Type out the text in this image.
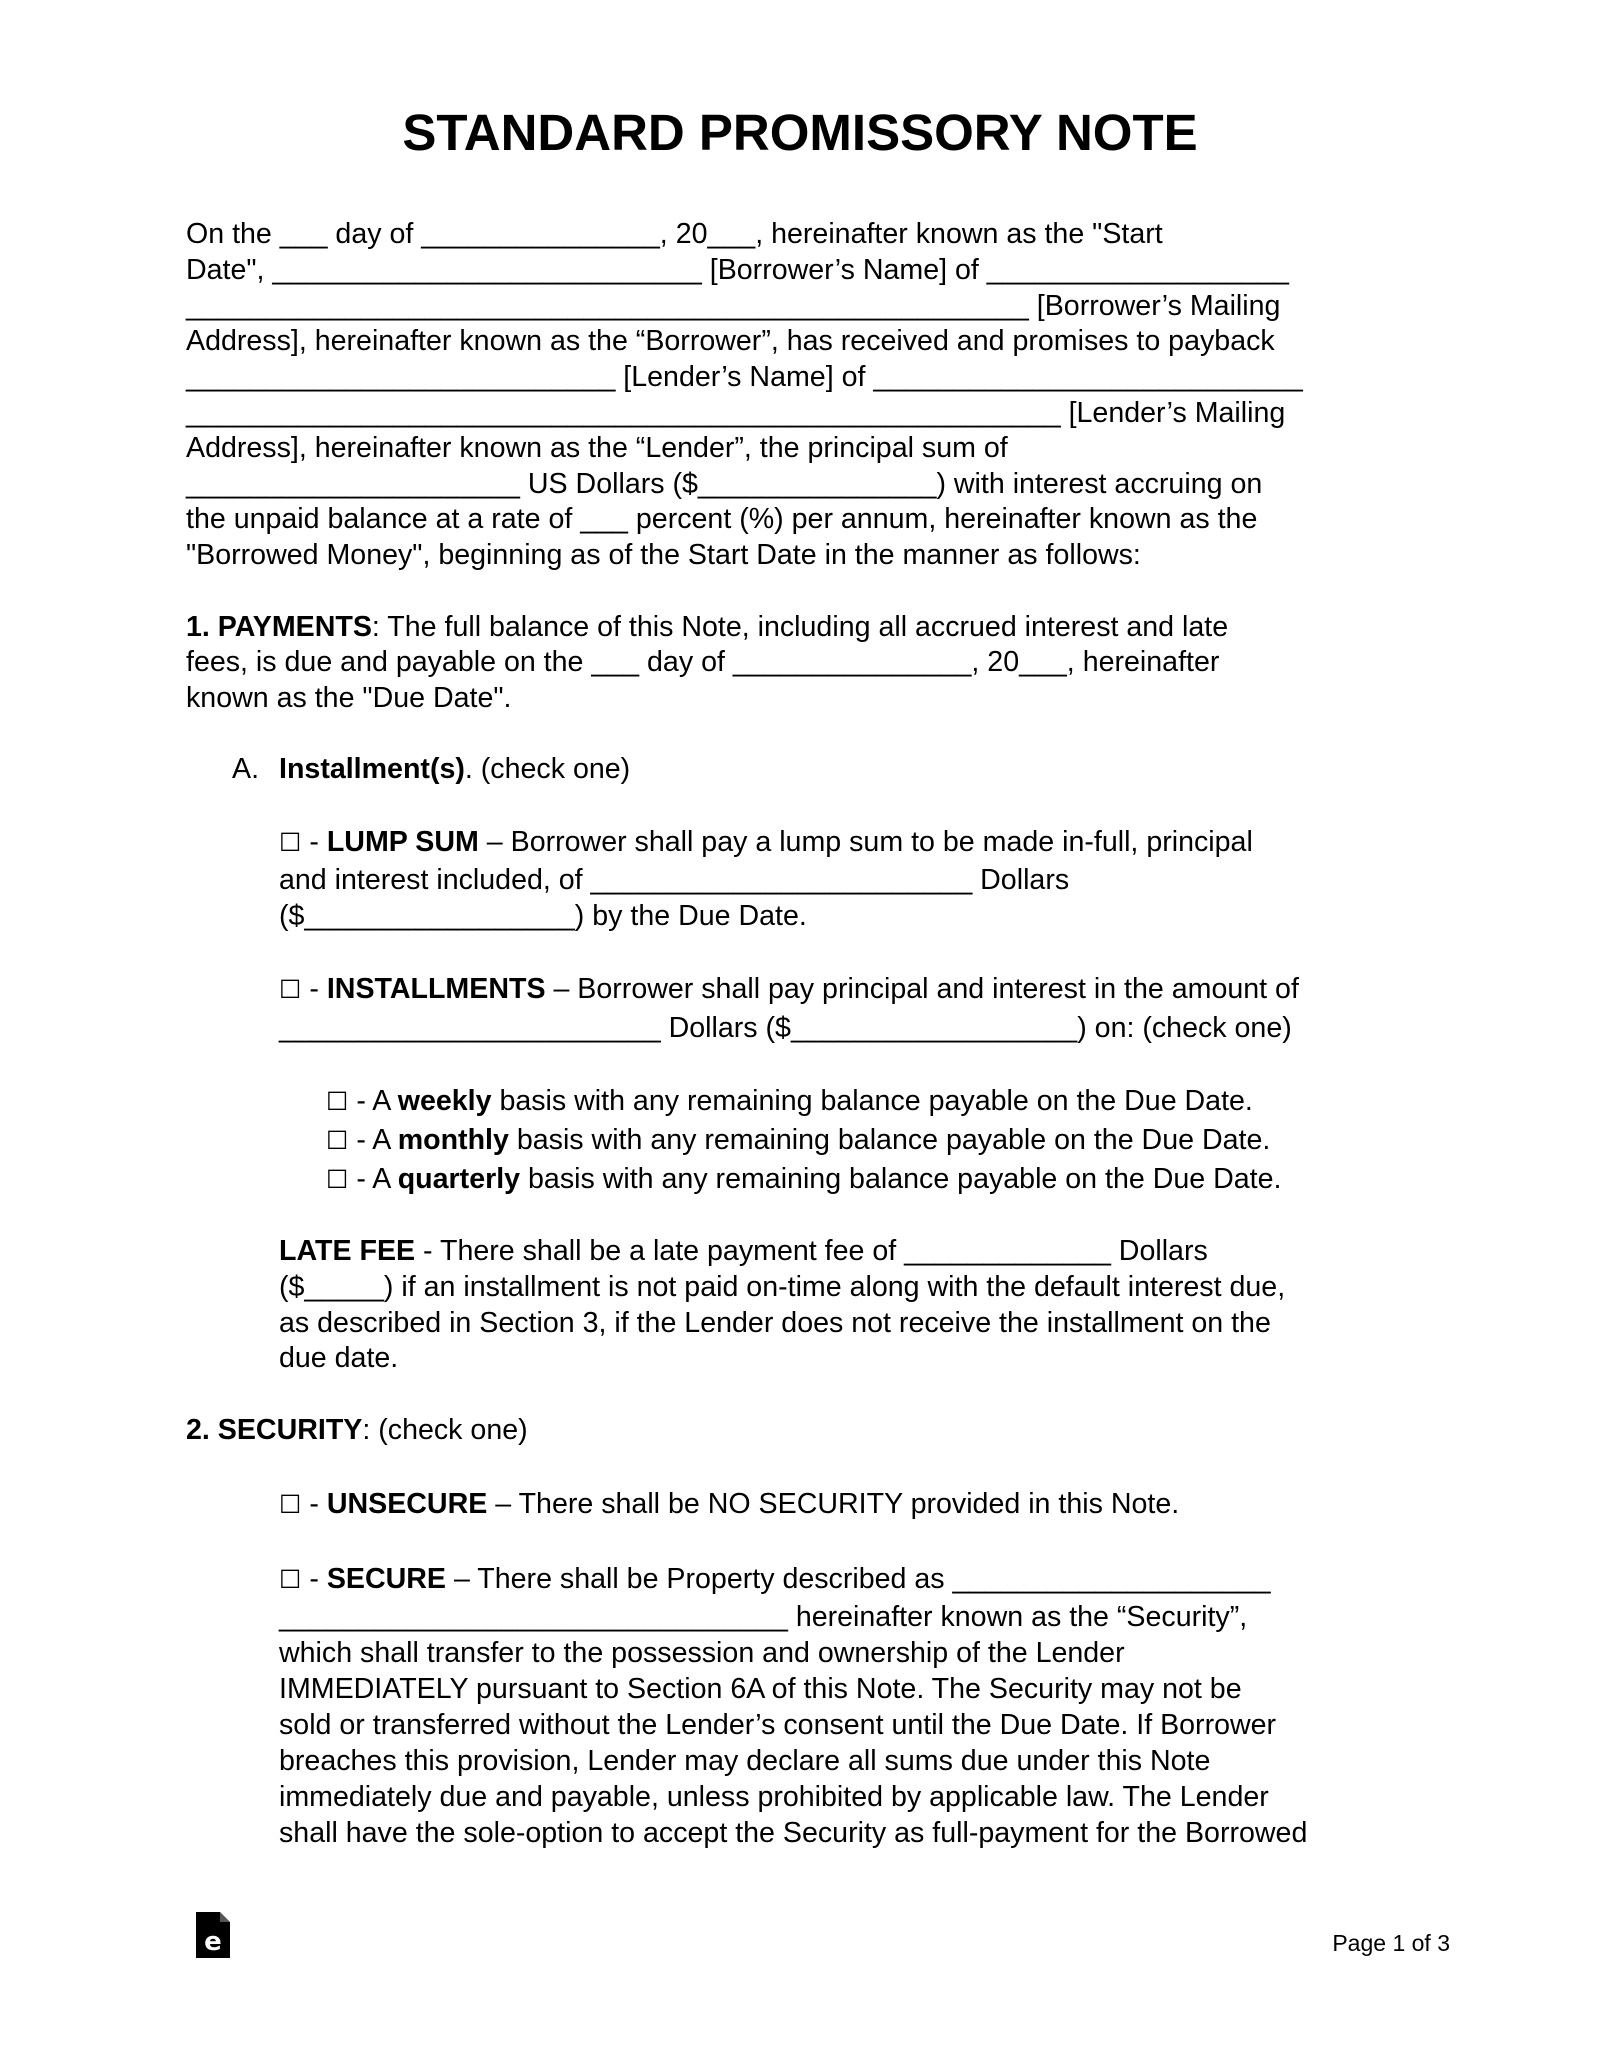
STANDARD PROMISSORY NOTE
On the ___ day of _______________, 20___, hereinafter known as the "Start
Date", ___________________________ [Borrower’s Name] of ___________________
_____________________________________________________ [Borrower’s Mailing
Address], hereinafter known as the “Borrower”, has received and promises to payback
___________________________ [Lender’s Name] of ___________________________
_______________________________________________________ [Lender’s Mailing
Address], hereinafter known as the “Lender”, the principal sum of
_____________________ US Dollars ($_______________) with interest accruing on
the unpaid balance at a rate of ___ percent (%) per annum, hereinafter known as the
"Borrowed Money", beginning as of the Start Date in the manner as follows:
1. PAYMENTS: The full balance of this Note, including all accrued interest and late
fees, is due and payable on the ___ day of _______________, 20___, hereinafter
known as the "Due Date".
A. Installment(s). (check one)
☐ - LUMP SUM – Borrower shall pay a lump sum to be made in-full, principal
and interest included, of ________________________ Dollars
($_________________) by the Due Date.
☐ - INSTALLMENTS – Borrower shall pay principal and interest in the amount of
________________________ Dollars ($__________________) on: (check one)
☐ - A weekly basis with any remaining balance payable on the Due Date.
☐ - A monthly basis with any remaining balance payable on the Due Date.
☐ - A quarterly basis with any remaining balance payable on the Due Date.
LATE FEE - There shall be a late payment fee of _____________ Dollars
($_____) if an installment is not paid on-time along with the default interest due,
as described in Section 3, if the Lender does not receive the installment on the
due date.
2. SECURITY: (check one)
☐ - UNSECURE – There shall be NO SECURITY provided in this Note.
☐ - SECURE – There shall be Property described as ____________________
________________________________ hereinafter known as the “Security”,
which shall transfer to the possession and ownership of the Lender
IMMEDIATELY pursuant to Section 6A of this Note. The Security may not be
sold or transferred without the Lender’s consent until the Due Date. If Borrower
breaches this provision, Lender may declare all sums due under this Note
immediately due and payable, unless prohibited by applicable law. The Lender
shall have the sole-option to accept the Security as full-payment for the Borrowed
e	Page 1 of 3
